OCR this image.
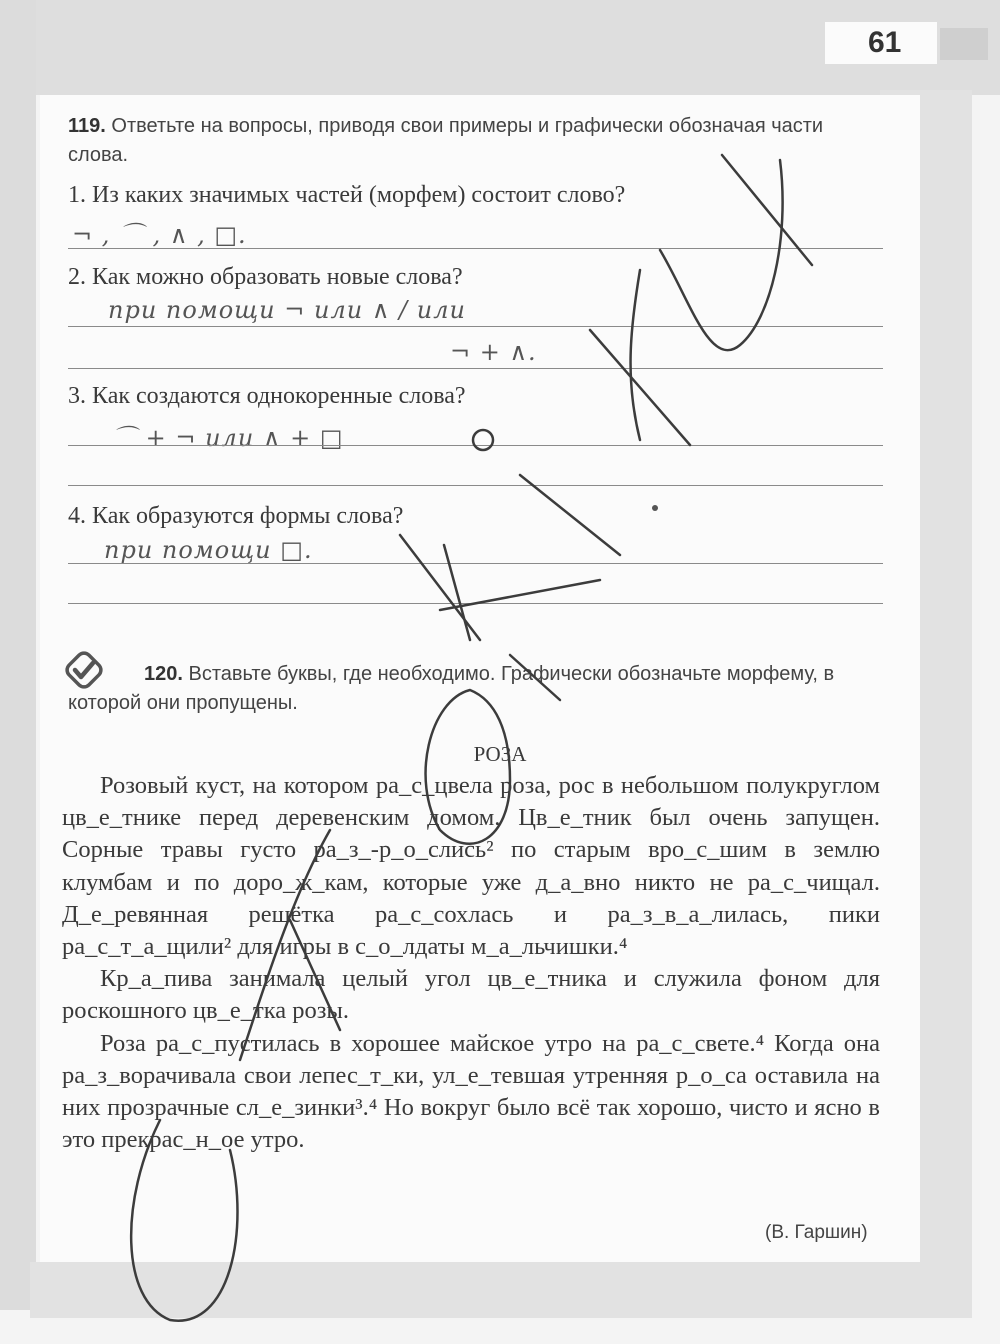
61
119. Ответьте на вопросы, приводя свои примеры и графически обозначая части слова.
1. Из каких значимых частей (морфем) состоит слово?
¬ , ⌒ , ∧ , □.
2. Как можно образовать новые слова?
при помощи ¬ или ∧ / или
¬ + ∧.
3. Как создаются однокоренные слова?
⌒ + ¬ или ∧ + □
4. Как образуются формы слова?
при помощи □.
120. Вставьте буквы, где необходимо. Графически обозначьте морфему, в которой они пропущены.
РОЗА

Розовый куст, на котором ра_с_цвела роза, рос в небольшом полукруглом цв_е_тнике перед деревенским домом. Цв_е_тник был очень запущен. Сорные травы густо ра_з_-р_о_слись² по старым вро_с_шим в землю клумбам и по доро_ж_кам, которые уже д_а_вно никто не ра_с_чищал. Д_е_ревянная решётка ра_с_сохлась и ра_з_в_а_лилась, пики ра_с_т_а_щили² для игры в с_о_лдаты м_а_льчишки.⁴

Кр_а_пива занимала целый угол цв_е_тника и служила фоном для роскошного цв_е_тка розы.

Роза ра_с_пустилась в хорошее майское утро на ра_с_свете.⁴ Когда она ра_з_ворачивала свои лепес_т_ки, ул_е_тевшая утренняя р_о_са оставила на них прозрачные сл_е_зинки³.⁴ Но вокруг было всё так хорошо, чисто и ясно в это прекрас_н_ое утро.

(В. Гаршин)
